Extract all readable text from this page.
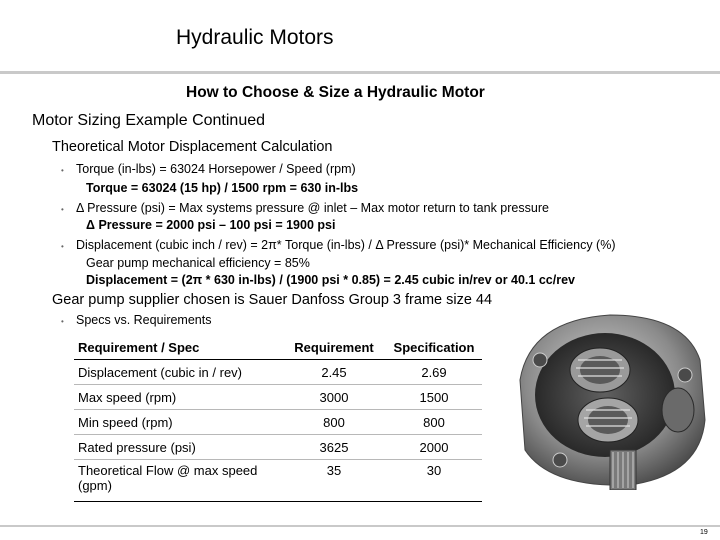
Hydraulic Motors
How to Choose & Size a Hydraulic Motor
Motor Sizing Example Continued
Theoretical Motor Displacement Calculation
• Torque (in-lbs) = 63024 Horsepower / Speed (rpm)
Torque = 63024 (15 hp) / 1500 rpm = 630 in-lbs
• Δ Pressure (psi) = Max systems pressure @ inlet – Max motor return to tank pressure
Δ Pressure = 2000 psi – 100 psi = 1900 psi
• Displacement (cubic inch / rev) = 2π* Torque (in-lbs) / Δ Pressure (psi)* Mechanical Efficiency (%)
Gear pump mechanical efficiency = 85%
Displacement = (2π * 630 in-lbs) / (1900 psi * 0.85) = 2.45 cubic in/rev or 40.1 cc/rev
Gear pump supplier chosen is Sauer Danfoss Group 3 frame size 44
• Specs vs. Requirements
Requirement / Spec	Requirement	Specification
Displacement (cubic in / rev)	2.45	2.69
Max speed (rpm)	3000	1500
Min speed (rpm)	800	800
Rated pressure (psi)	3625	2000
Theoretical Flow @ max speed (gpm)	35	30
19
